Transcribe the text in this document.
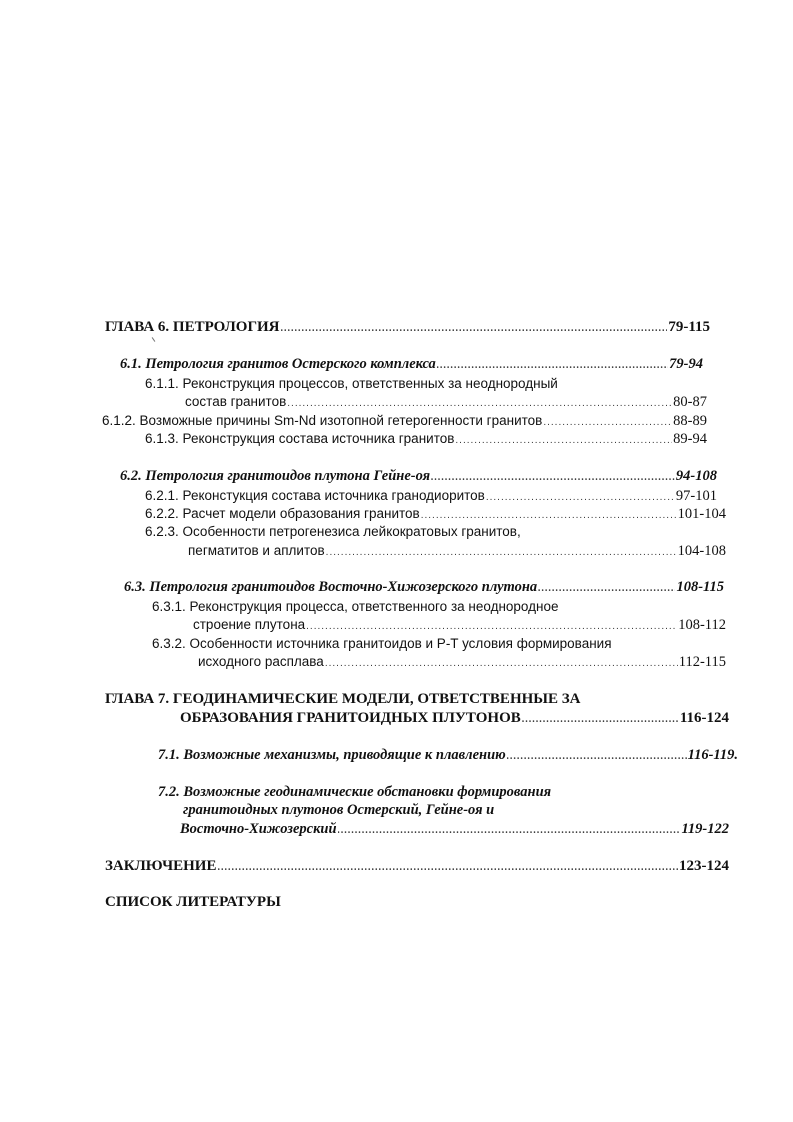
ГЛАВА 6. ПЕТРОЛОГИЯ .....	79-115
6.1. Петрология гранитов Остерского комплекса .....	79-94
6.1.1. Реконструкция процессов, ответственных за неоднородный
состав гранитов .....	80-87
6.1.2. Возможные причины Sm-Nd изотопной гетерогенности гранитов .....	88-89
6.1.3. Реконструкция состава источника гранитов .....	89-94
6.2. Петрология гранитоидов плутона Гейне-оя .....	94-108
6.2.1. Реконстукция состава источника гранодиоритов .....	97-101
6.2.2. Расчет модели образования гранитов .....	101-104
6.2.3. Особенности петрогенезиса лейкократовых гранитов,
пегматитов и аплитов .....	104-108
6.3. Петрология гранитоидов Восточно-Хижозерского плутона .....	108-115
6.3.1. Реконструкция процесса, ответственного за неоднородное
строение плутона .....	108-112
6.3.2. Особенности источника гранитоидов и P-T условия формирования
исходного расплава .....	112-115
ГЛАВА 7. ГЕОДИНАМИЧЕСКИЕ МОДЕЛИ, ОТВЕТСТВЕННЫЕ ЗА
ОБРАЗОВАНИЯ ГРАНИТОИДНЫХ ПЛУТОНОВ .....	116-124
7.1. Возможные механизмы, приводящие к плавлению .....	116-119.
7.2. Возможные геодинамические обстановки формирования
гранитоидных плутонов Остерский, Гейне-оя и
Восточно-Хижозерский .....	119-122
ЗАКЛЮЧЕНИЕ .....	123-124
СПИСОК ЛИТЕРАТУРЫ
